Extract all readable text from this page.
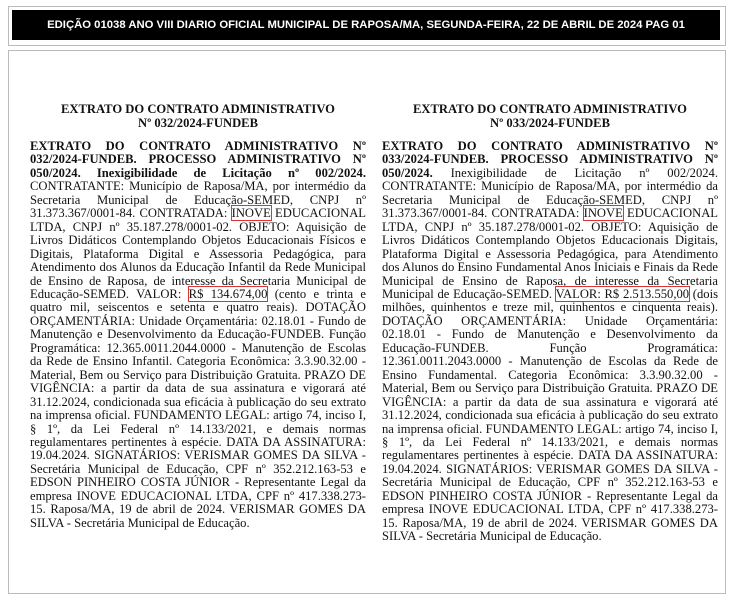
EDIÇÃO 01038 ANO VIII DIARIO OFICIAL MUNICIPAL DE RAPOSA/MA, SEGUNDA-FEIRA, 22 DE ABRIL DE 2024 PAG 01
EXTRATO DO CONTRATO ADMINISTRATIVO
Nº 032/2024-FUNDEB
EXTRATO DO CONTRATO ADMINISTRATIVO Nº 032/2024-FUNDEB. PROCESSO ADMINISTRATIVO Nº 050/2024. Inexigibilidade de Licitação nº 002/2024. CONTRATANTE: Município de Raposa/MA, por intermédio da Secretaria Municipal de Educação-SEMED, CNPJ nº 31.373.367/0001-84. CONTRATADA: INOVE EDUCACIONAL LTDA, CNPJ nº 35.187.278/0001-02. OBJETO: Aquisição de Livros Didáticos Contemplando Objetos Educacionais Físicos e Digitais, Plataforma Digital e Assessoria Pedagógica, para Atendimento dos Alunos da Educação Infantil da Rede Municipal de Ensino de Raposa, de interesse da Secretaria Municipal de Educação-SEMED. VALOR: R$ 134.674,00 (cento e trinta e quatro mil, seiscentos e setenta e quatro reais). DOTAÇÃO ORÇAMENTÁRIA: Unidade Orçamentária: 02.18.01 - Fundo de Manutenção e Desenvolvimento da Educação-FUNDEB. Função Programática: 12.365.0011.2044.0000 - Manutenção de Escolas da Rede de Ensino Infantil. Categoria Econômica: 3.3.90.32.00 - Material, Bem ou Serviço para Distribuição Gratuita. PRAZO DE VIGÊNCIA: a partir da data de sua assinatura e vigorará até 31.12.2024, condicionada sua eficácia à publicação do seu extrato na imprensa oficial. FUNDAMENTO LEGAL: artigo 74, inciso I, § 1º, da Lei Federal nº 14.133/2021, e demais normas regulamentares pertinentes à espécie. DATA DA ASSINATURA: 19.04.2024. SIGNATÁRIOS: VERISMAR GOMES DA SILVA - Secretária Municipal de Educação, CPF nº 352.212.163-53 e EDSON PINHEIRO COSTA JÚNIOR - Representante Legal da empresa INOVE EDUCACIONAL LTDA, CPF nº 417.338.273-15. Raposa/MA, 19 de abril de 2024. VERISMAR GOMES DA SILVA - Secretária Municipal de Educação.
EXTRATO DO CONTRATO ADMINISTRATIVO
Nº 033/2024-FUNDEB
EXTRATO DO CONTRATO ADMINISTRATIVO Nº 033/2024-FUNDEB. PROCESSO ADMINISTRATIVO Nº 050/2024. Inexigibilidade de Licitação nº 002/2024. CONTRATANTE: Município de Raposa/MA, por intermédio da Secretaria Municipal de Educação-SEMED, CNPJ nº 31.373.367/0001-84. CONTRATADA: INOVE EDUCACIONAL LTDA, CNPJ nº 35.187.278/0001-02. OBJETO: Aquisição de Livros Didáticos Contemplando Objetos Educacionais Digitais, Plataforma Digital e Assessoria Pedagógica, para Atendimento dos Alunos do Ensino Fundamental Anos Iniciais e Finais da Rede Municipal de Ensino de Raposa, de interesse da Secretaria Municipal de Educação-SEMED. VALOR: R$ 2.513.550,00 (dois milhões, quinhentos e treze mil, quinhentos e cinquenta reais). DOTAÇÃO ORÇAMENTÁRIA: Unidade Orçamentária: 02.18.01 - Fundo de Manutenção e Desenvolvimento da Educação-FUNDEB. Função Programática: 12.361.0011.2043.0000 - Manutenção de Escolas da Rede de Ensino Fundamental. Categoria Econômica: 3.3.90.32.00 - Material, Bem ou Serviço para Distribuição Gratuita. PRAZO DE VIGÊNCIA: a partir da data de sua assinatura e vigorará até 31.12.2024, condicionada sua eficácia à publicação do seu extrato na imprensa oficial. FUNDAMENTO LEGAL: artigo 74, inciso I, § 1º, da Lei Federal nº 14.133/2021, e demais normas regulamentares pertinentes à espécie. DATA DA ASSINATURA: 19.04.2024. SIGNATÁRIOS: VERISMAR GOMES DA SILVA - Secretária Municipal de Educação, CPF nº 352.212.163-53 e EDSON PINHEIRO COSTA JÚNIOR - Representante Legal da empresa INOVE EDUCACIONAL LTDA, CPF nº 417.338.273-15. Raposa/MA, 19 de abril de 2024. VERISMAR GOMES DA SILVA - Secretária Municipal de Educação.
